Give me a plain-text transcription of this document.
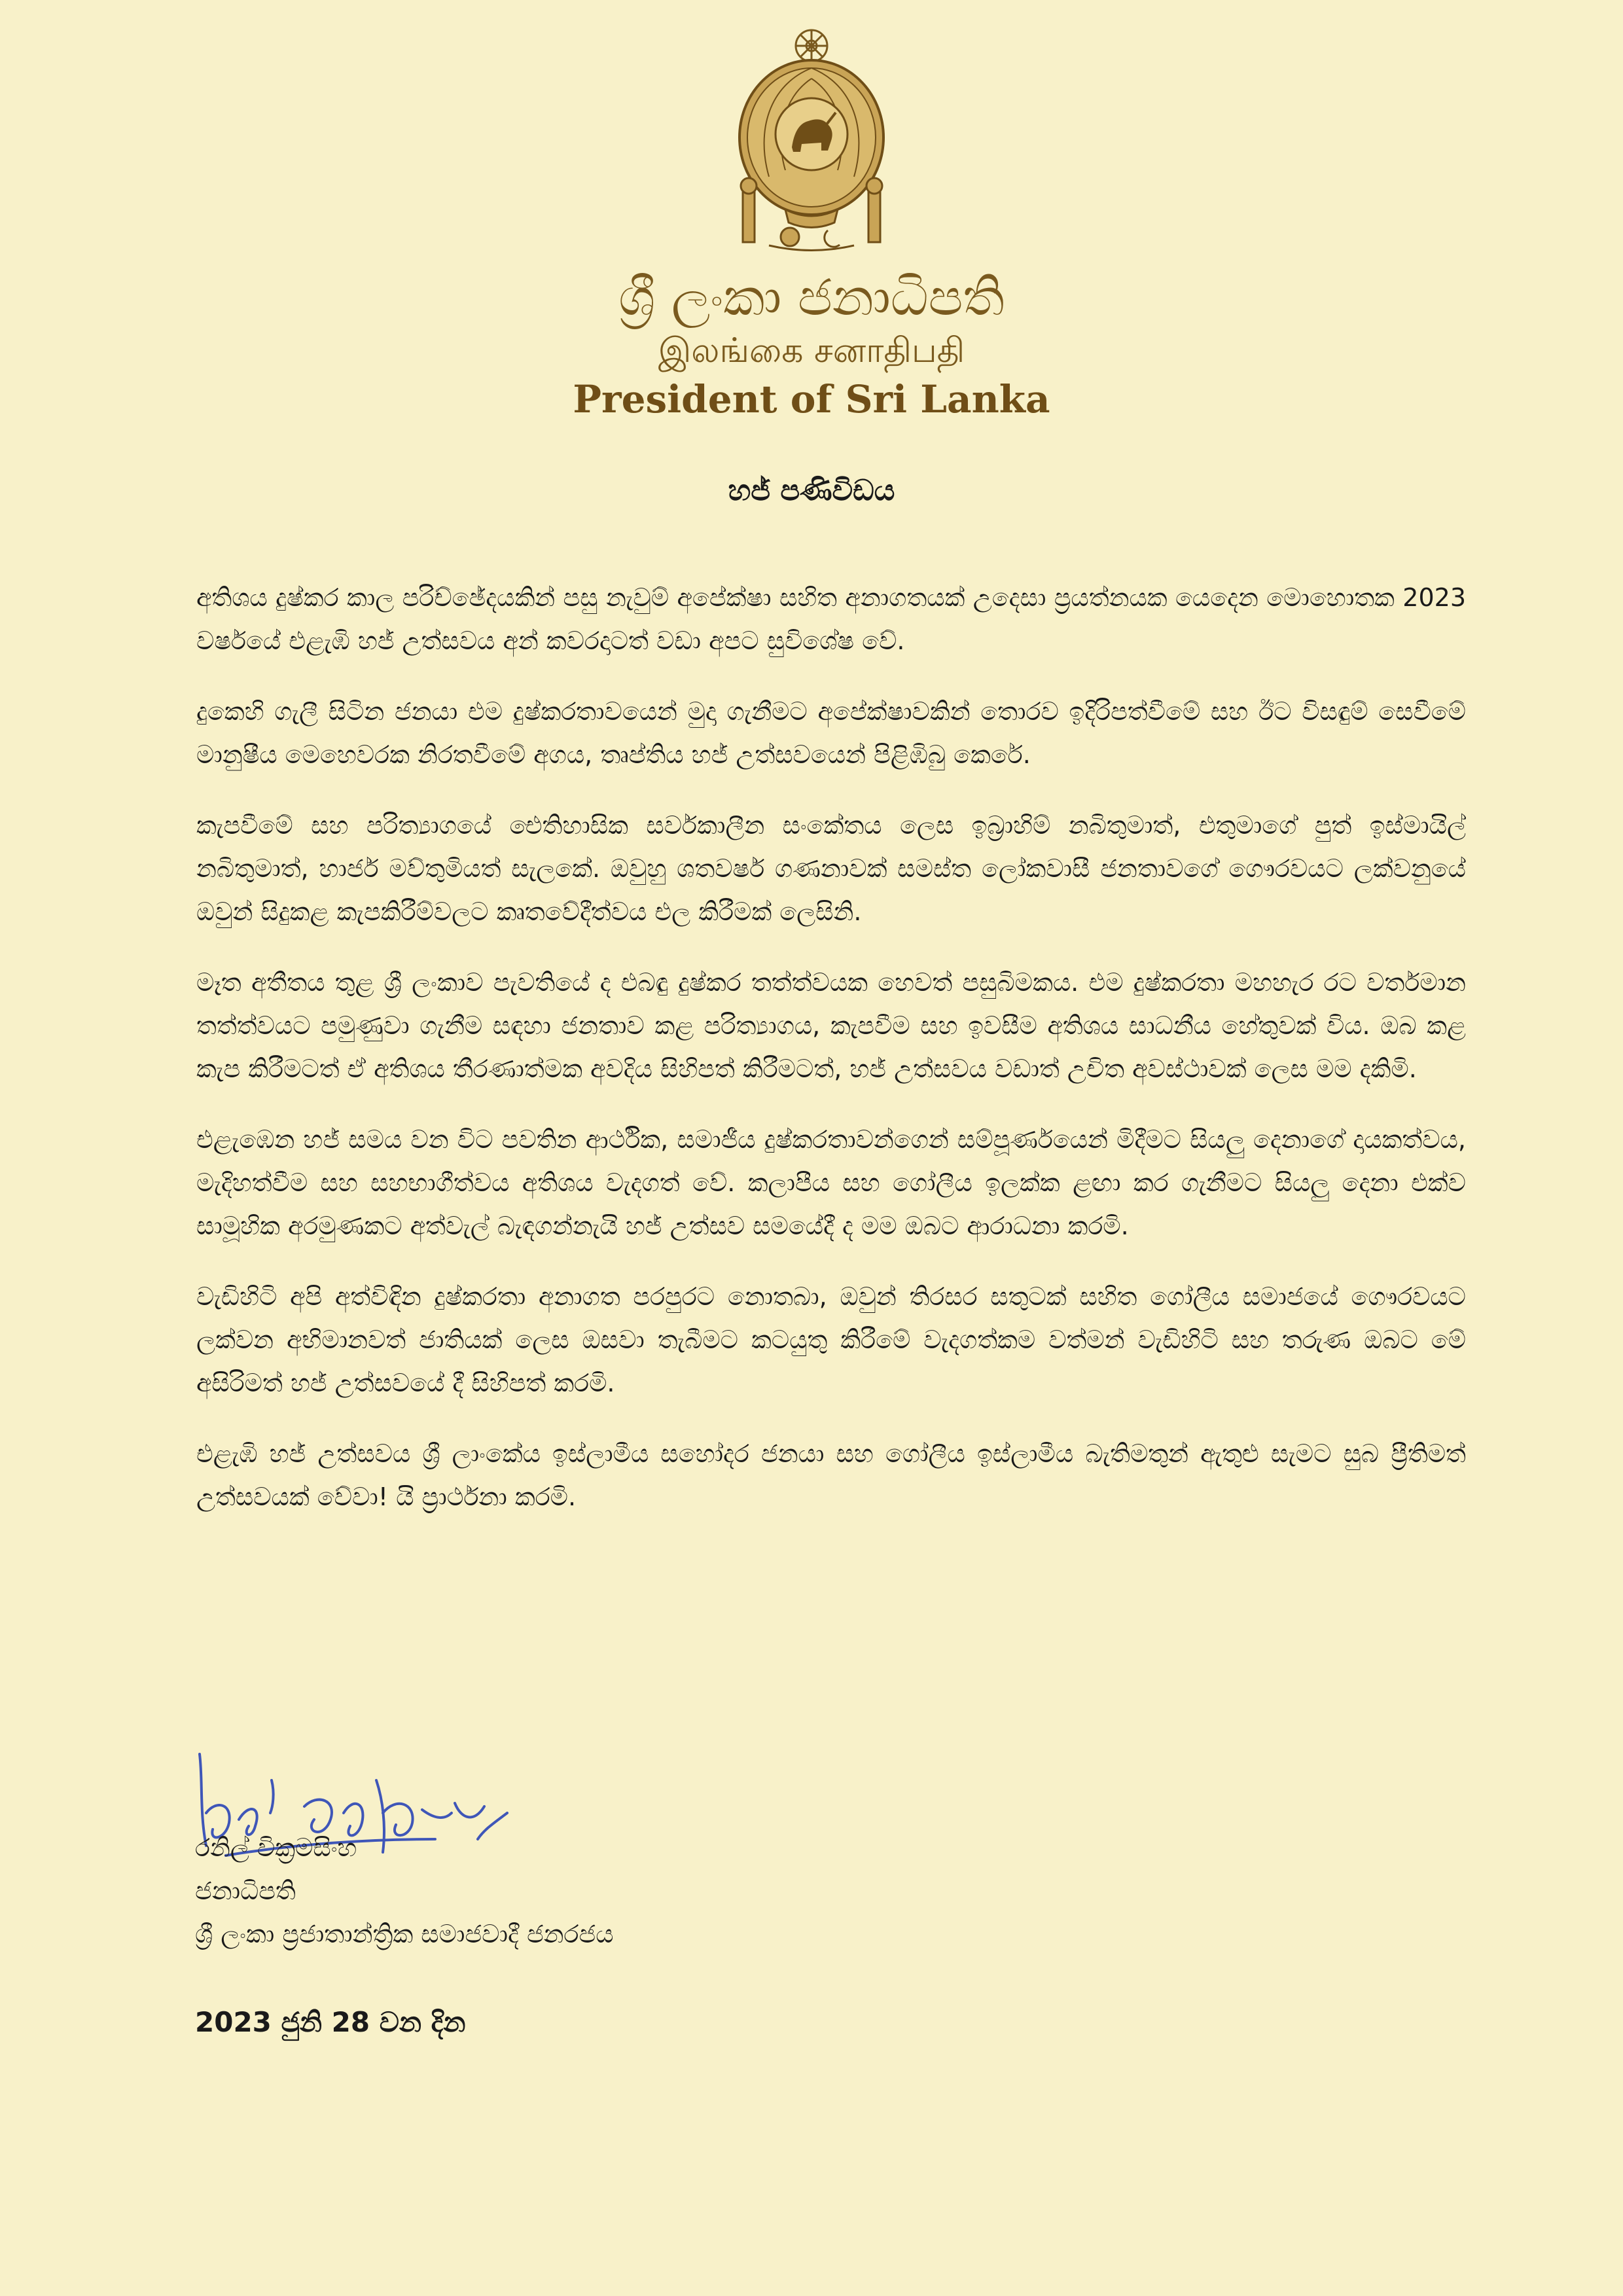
ශ්‍රී ලංකා ජනාධිපති
இலங்கை சனாதிபதி
President of Sri Lanka
හජ් පණිවිඩය

අතිශය දුෂ්කර කාල පරිච්ඡේදයකින් පසු නැවුම් අපේක්ෂා සහිත අනාගතයක් උදෙසා ප්‍රයත්නයක යෙදෙන මොහොතක 2023 වර්ෂයේ එළැඹි හජ් උත්සවය අන් කවරදාටත් වඩා අපට සුවිශේෂ වේ.

දුකෙහි ගැලී සිටින ජනයා එම දුෂ්කරතාවයෙන් මුදා ගැනීමට අපේක්ෂාවකින් තොරව ඉදිරිපත්වීමේ සහ ඊට විසඳුම් සෙවීමේ මානුෂීය මෙහෙවරක නිරතවීමේ අගය, තෘප්තිය හජ් උත්සවයෙන් පිළිඹිබු කෙරේ.

කැපවීමේ සහ පරිත්‍යාගයේ ඓතිහාසික සර්වකාලීන සංකේතය ලෙස ඉබ්‍රාහිම් නබිතුමාත්, එතුමාගේ පුත් ඉස්මායිල් නබිතුමාත්, හාජර් මව්තුමියත් සැලකේ. ඔවුහු ශතවර්ෂ ගණනාවක් සමස්ත ලෝකවාසී ජනතාවගේ ගෞරවයට ලක්වනුයේ ඔවුන් සිදුකළ කැපකිරීම්වලට කෘතවේදීත්වය එල කිරීමක් ලෙසිනි.

මෑත අතීතය තුළ ශ්‍රී ලංකාව පැවතියේ ද එබඳු දුෂ්කර තත්ත්වයක හෙවත් පසුබිමකය. එම දුෂ්කරතා මහහැර රට වර්තමාන තත්ත්වයට පමුණුවා ගැනීම සඳහා ජනතාව කළ පරිත්‍යාගය, කැපවීම සහ ඉවසීම අතිශය සාධනීය හේතුවක් විය. ඔබ කළ කැප කිරීමටත් ඒ අතිශය තීරණාත්මක අවදිය සිහිපත් කිරීමටත්, හජ් උත්සවය වඩාත් උචිත අවස්ථාවක් ලෙස මම දකිමි.

එළැඹෙන හජ් සමය වන විට පවතින ආර්ථික, සමාජීය දුෂ්කරතාවන්ගෙන් සම්පූර්ණයෙන් මිදීමට සියලු දෙනාගේ දායකත්වය, මැදිහත්වීම සහ සහභාගීත්වය අතිශය වැදගත් වේ. කලාපීය සහ ගෝලීය ඉලක්ක ළඟා කර ගැනීමට සියලු දෙනා එක්ව සාමූහික අරමුණකට අත්වැල් බැඳගන්නැයි හජ් උත්සව සමයේදී ද මම ඔබට ආරාධනා කරමි.

වැඩිහිටි අපි අත්විඳින දුෂ්කරතා අනාගත පරපුරට නොතබා, ඔවුන් තිරසර සතුටක් සහිත ගෝලීය සමාජයේ ගෞරවයට ලක්වන අභිමානවත් ජාතියක් ලෙස ඔසවා තැබීමට කටයුතු කිරීමේ වැදගත්කම වත්මන් වැඩිහිටි සහ තරුණ ඔබට මේ අසිරිමත් හජ් උත්සවයේ දී සිහිපත් කරමි.

එළැඹි හජ් උත්සවය ශ්‍රී ලාංකේය ඉස්ලාමීය සහෝදර ජනයා සහ ගෝලීය ඉස්ලාමීය බැතිමතුන් ඇතුළු සැමට සුබ ප්‍රීතිමත් උත්සවයක් වේවා! යි ප්‍රාර්ථනා කරමි.

රනිල් වික්‍රමසිංහ
ජනාධිපති
ශ්‍රී ලංකා ප්‍රජාතාන්ත්‍රික සමාජවාදී ජනරජය
2023 ජුනි 28 වන දින
